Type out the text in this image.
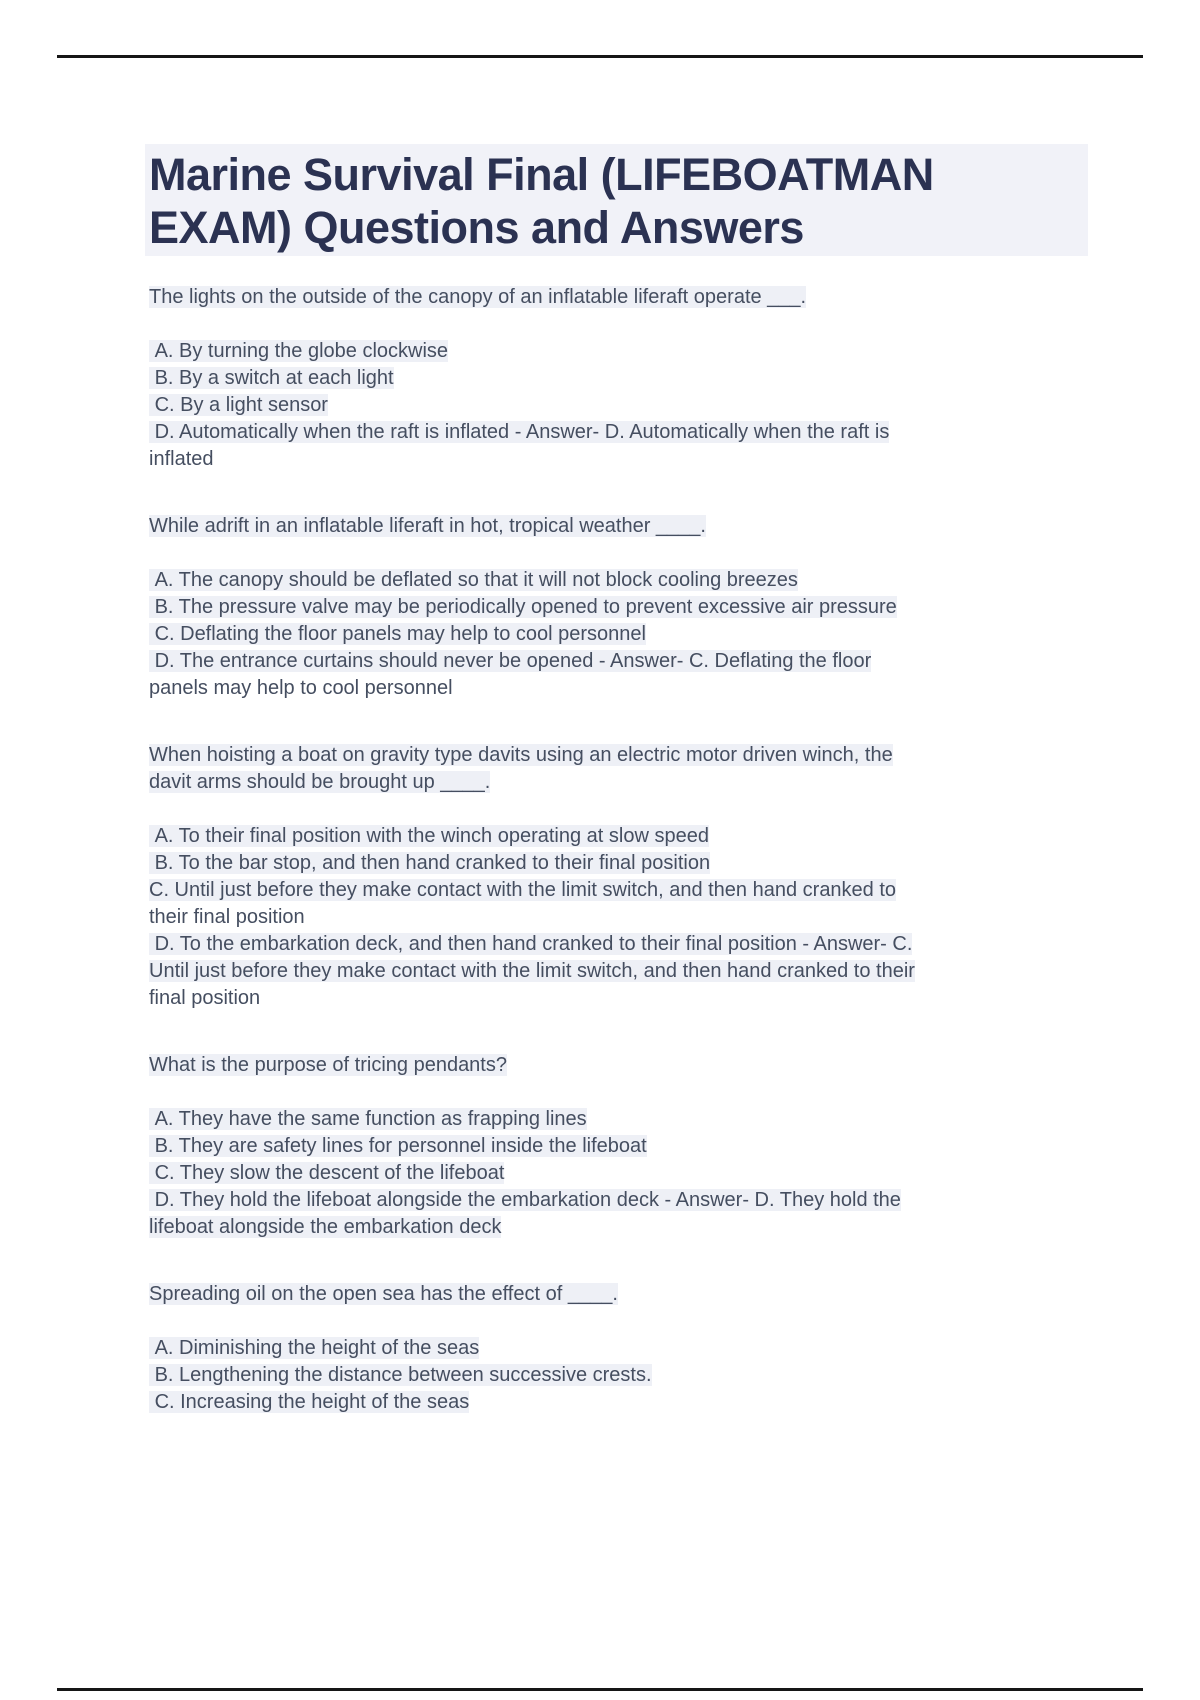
Marine Survival Final (LIFEBOATMAN
EXAM) Questions and Answers
The lights on the outside of the canopy of an inflatable liferaft operate ___.
A. By turning the globe clockwise
B. By a switch at each light
C. By a light sensor
D. Automatically when the raft is inflated - Answer- D. Automatically when the raft is
inflated
While adrift in an inflatable liferaft in hot, tropical weather ____.
A. The canopy should be deflated so that it will not block cooling breezes
B. The pressure valve may be periodically opened to prevent excessive air pressure
C. Deflating the floor panels may help to cool personnel
D. The entrance curtains should never be opened - Answer- C. Deflating the floor
panels may help to cool personnel
When hoisting a boat on gravity type davits using an electric motor driven winch, the
davit arms should be brought up ____.
A. To their final position with the winch operating at slow speed
B. To the bar stop, and then hand cranked to their final position
C. Until just before they make contact with the limit switch, and then hand cranked to
their final position
D. To the embarkation deck, and then hand cranked to their final position - Answer- C.
Until just before they make contact with the limit switch, and then hand cranked to their
final position
What is the purpose of tricing pendants?
A. They have the same function as frapping lines
B. They are safety lines for personnel inside the lifeboat
C. They slow the descent of the lifeboat
D. They hold the lifeboat alongside the embarkation deck - Answer- D. They hold the
lifeboat alongside the embarkation deck
Spreading oil on the open sea has the effect of ____.
A. Diminishing the height of the seas
B. Lengthening the distance between successive crests.
C. Increasing the height of the seas
